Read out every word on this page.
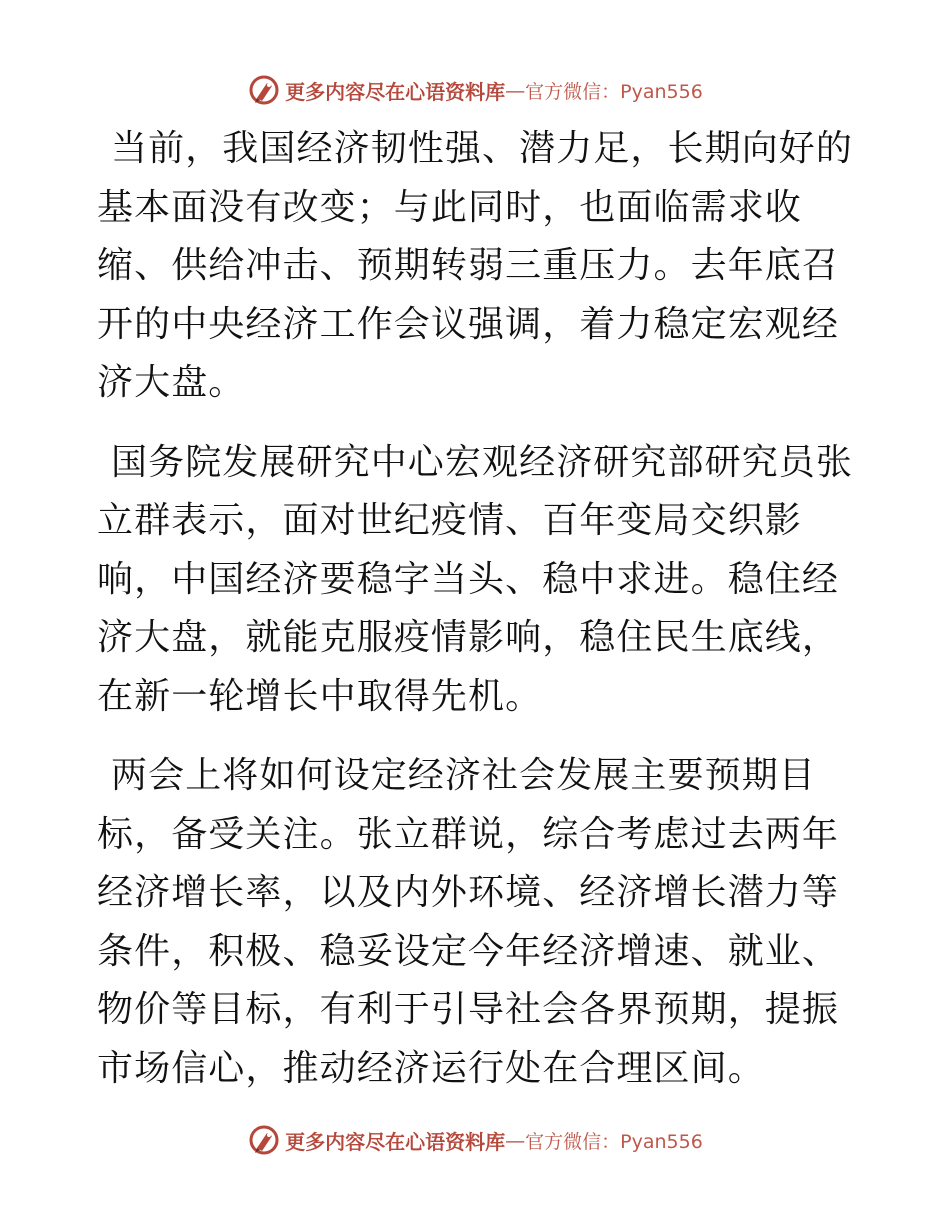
更多内容尽在心语资料库 — 官方微信：Pyan556

当前，我国经济韧性强、潜力足，长期向好的基本面没有改变；与此同时，也面临需求收缩、供给冲击、预期转弱三重压力。去年底召开的中央经济工作会议强调，着力稳定宏观经济大盘。

国务院发展研究中心宏观经济研究部研究员张立群表示，面对世纪疫情、百年变局交织影响，中国经济要稳字当头、稳中求进。稳住经济大盘，就能克服疫情影响，稳住民生底线，在新一轮增长中取得先机。

两会上将如何设定经济社会发展主要预期目标，备受关注。张立群说，综合考虑过去两年经济增长率，以及内外环境、经济增长潜力等条件，积极、稳妥设定今年经济增速、就业、物价等目标，有利于引导社会各界预期，提振市场信心，推动经济运行处在合理区间。

更多内容尽在心语资料库 — 官方微信：Pyan556
